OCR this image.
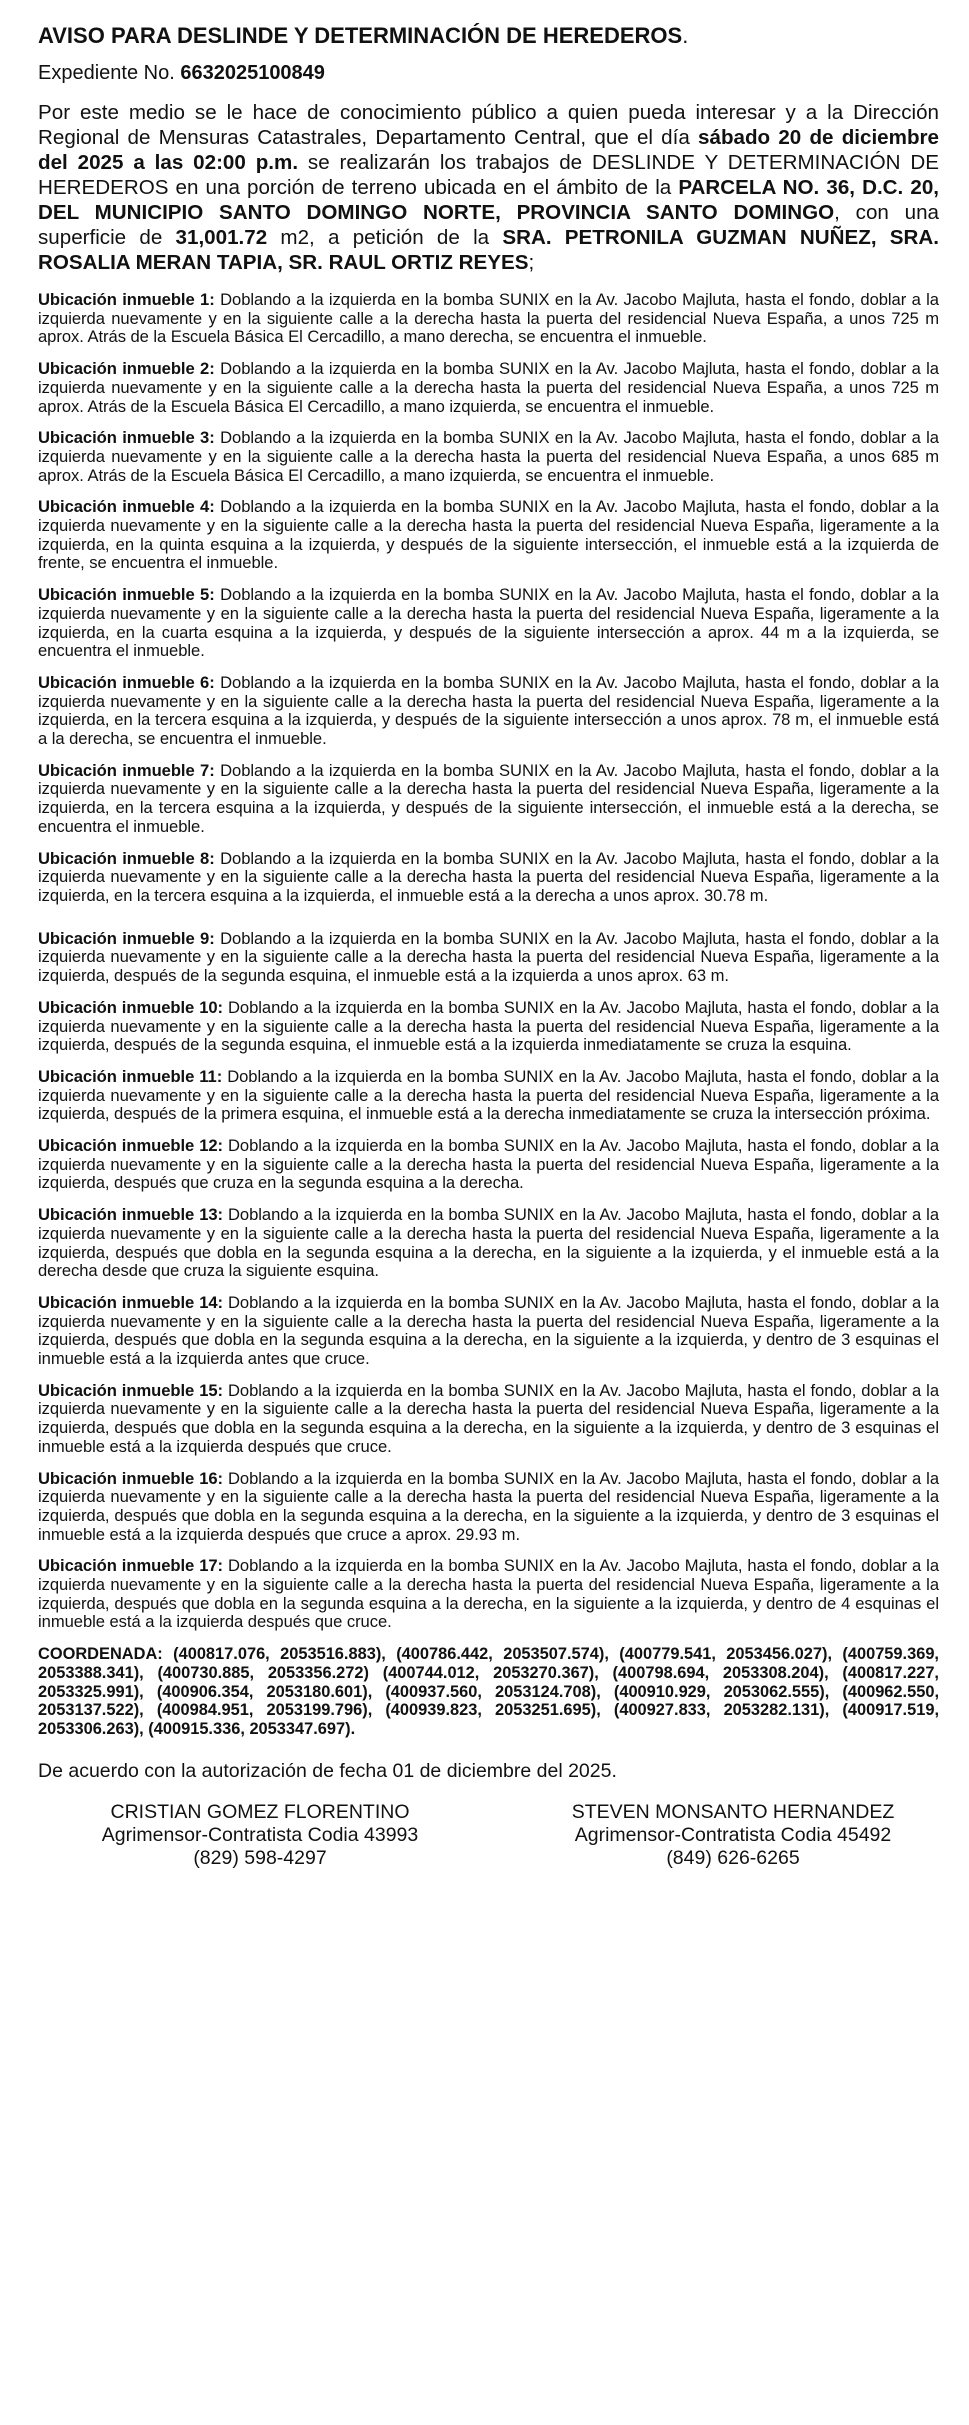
AVISO PARA DESLINDE Y DETERMINACIÓN DE HEREDEROS.
Expediente No. 6632025100849
Por este medio se le hace de conocimiento público a quien pueda interesar y a la Dirección Regional de Mensuras Catastrales, Departamento Central, que el día sábado 20 de diciembre del 2025 a las 02:00 p.m. se realizarán los trabajos de DESLINDE Y DETERMINACIÓN DE HEREDEROS en una porción de terreno ubicada en el ámbito de la PARCELA NO. 36, D.C. 20, DEL MUNICIPIO SANTO DOMINGO NORTE, PROVINCIA SANTO DOMINGO, con una superficie de 31,001.72 m2, a petición de la SRA. PETRONILA GUZMAN NUÑEZ, SRA. ROSALIA MERAN TAPIA, SR. RAUL ORTIZ REYES;

Ubicación inmueble 1: Doblando a la izquierda en la bomba SUNIX en la Av. Jacobo Majluta, hasta el fondo, doblar a la izquierda nuevamente y en la siguiente calle a la derecha hasta la puerta del residencial Nueva España, a unos 725 m aprox. Atrás de la Escuela Básica El Cercadillo, a mano derecha, se encuentra el inmueble.

Ubicación inmueble 2: Doblando a la izquierda en la bomba SUNIX en la Av. Jacobo Majluta, hasta el fondo, doblar a la izquierda nuevamente y en la siguiente calle a la derecha hasta la puerta del residencial Nueva España, a unos 725 m aprox. Atrás de la Escuela Básica El Cercadillo, a mano izquierda, se encuentra el inmueble.

Ubicación inmueble 3: Doblando a la izquierda en la bomba SUNIX en la Av. Jacobo Majluta, hasta el fondo, doblar a la izquierda nuevamente y en la siguiente calle a la derecha hasta la puerta del residencial Nueva España, a unos 685 m aprox. Atrás de la Escuela Básica El Cercadillo, a mano izquierda, se encuentra el inmueble.

Ubicación inmueble 4: Doblando a la izquierda en la bomba SUNIX en la Av. Jacobo Majluta, hasta el fondo, doblar a la izquierda nuevamente y en la siguiente calle a la derecha hasta la puerta del residencial Nueva España, ligeramente a la izquierda, en la quinta esquina a la izquierda, y después de la siguiente intersección, el inmueble está a la izquierda de frente, se encuentra el inmueble.

Ubicación inmueble 5: Doblando a la izquierda en la bomba SUNIX en la Av. Jacobo Majluta, hasta el fondo, doblar a la izquierda nuevamente y en la siguiente calle a la derecha hasta la puerta del residencial Nueva España, ligeramente a la izquierda, en la cuarta esquina a la izquierda, y después de la siguiente intersección a aprox. 44 m a la izquierda, se encuentra el inmueble.

Ubicación inmueble 6: Doblando a la izquierda en la bomba SUNIX en la Av. Jacobo Majluta, hasta el fondo, doblar a la izquierda nuevamente y en la siguiente calle a la derecha hasta la puerta del residencial Nueva España, ligeramente a la izquierda, en la tercera esquina a la izquierda, y después de la siguiente intersección a unos aprox. 78 m, el inmueble está a la derecha, se encuentra el inmueble.

Ubicación inmueble 7: Doblando a la izquierda en la bomba SUNIX en la Av. Jacobo Majluta, hasta el fondo, doblar a la izquierda nuevamente y en la siguiente calle a la derecha hasta la puerta del residencial Nueva España, ligeramente a la izquierda, en la tercera esquina a la izquierda, y después de la siguiente intersección, el inmueble está a la derecha, se encuentra el inmueble.

Ubicación inmueble 8: Doblando a la izquierda en la bomba SUNIX en la Av. Jacobo Majluta, hasta el fondo, doblar a la izquierda nuevamente y en la siguiente calle a la derecha hasta la puerta del residencial Nueva España, ligeramente a la izquierda, en la tercera esquina a la izquierda, el inmueble está a la derecha a unos aprox. 30.78 m.

Ubicación inmueble 9: Doblando a la izquierda en la bomba SUNIX en la Av. Jacobo Majluta, hasta el fondo, doblar a la izquierda nuevamente y en la siguiente calle a la derecha hasta la puerta del residencial Nueva España, ligeramente a la izquierda, después de la segunda esquina, el inmueble está a la izquierda a unos aprox. 63 m.

Ubicación inmueble 10: Doblando a la izquierda en la bomba SUNIX en la Av. Jacobo Majluta, hasta el fondo, doblar a la izquierda nuevamente y en la siguiente calle a la derecha hasta la puerta del residencial Nueva España, ligeramente a la izquierda, después de la segunda esquina, el inmueble está a la izquierda inmediatamente se cruza la esquina.

Ubicación inmueble 11: Doblando a la izquierda en la bomba SUNIX en la Av. Jacobo Majluta, hasta el fondo, doblar a la izquierda nuevamente y en la siguiente calle a la derecha hasta la puerta del residencial Nueva España, ligeramente a la izquierda, después de la primera esquina, el inmueble está a la derecha inmediatamente se cruza la intersección próxima.

Ubicación inmueble 12: Doblando a la izquierda en la bomba SUNIX en la Av. Jacobo Majluta, hasta el fondo, doblar a la izquierda nuevamente y en la siguiente calle a la derecha hasta la puerta del residencial Nueva España, ligeramente a la izquierda, después que cruza en la segunda esquina a la derecha.

Ubicación inmueble 13: Doblando a la izquierda en la bomba SUNIX en la Av. Jacobo Majluta, hasta el fondo, doblar a la izquierda nuevamente y en la siguiente calle a la derecha hasta la puerta del residencial Nueva España, ligeramente a la izquierda, después que dobla en la segunda esquina a la derecha, en la siguiente a la izquierda, y el inmueble está a la derecha desde que cruza la siguiente esquina.

Ubicación inmueble 14: Doblando a la izquierda en la bomba SUNIX en la Av. Jacobo Majluta, hasta el fondo, doblar a la izquierda nuevamente y en la siguiente calle a la derecha hasta la puerta del residencial Nueva España, ligeramente a la izquierda, después que dobla en la segunda esquina a la derecha, en la siguiente a la izquierda, y dentro de 3 esquinas el inmueble está a la izquierda antes que cruce.

Ubicación inmueble 15: Doblando a la izquierda en la bomba SUNIX en la Av. Jacobo Majluta, hasta el fondo, doblar a la izquierda nuevamente y en la siguiente calle a la derecha hasta la puerta del residencial Nueva España, ligeramente a la izquierda, después que dobla en la segunda esquina a la derecha, en la siguiente a la izquierda, y dentro de 3 esquinas el inmueble está a la izquierda después que cruce.

Ubicación inmueble 16: Doblando a la izquierda en la bomba SUNIX en la Av. Jacobo Majluta, hasta el fondo, doblar a la izquierda nuevamente y en la siguiente calle a la derecha hasta la puerta del residencial Nueva España, ligeramente a la izquierda, después que dobla en la segunda esquina a la derecha, en la siguiente a la izquierda, y dentro de 3 esquinas el inmueble está a la izquierda después que cruce a aprox. 29.93 m.

Ubicación inmueble 17: Doblando a la izquierda en la bomba SUNIX en la Av. Jacobo Majluta, hasta el fondo, doblar a la izquierda nuevamente y en la siguiente calle a la derecha hasta la puerta del residencial Nueva España, ligeramente a la izquierda, después que dobla en la segunda esquina a la derecha, en la siguiente a la izquierda, y dentro de 4 esquinas el inmueble está a la izquierda después que cruce.

COORDENADA: (400817.076, 2053516.883), (400786.442, 2053507.574), (400779.541, 2053456.027), (400759.369, 2053388.341), (400730.885, 2053356.272) (400744.012, 2053270.367), (400798.694, 2053308.204), (400817.227, 2053325.991), (400906.354, 2053180.601), (400937.560, 2053124.708), (400910.929, 2053062.555), (400962.550, 2053137.522), (400984.951, 2053199.796), (400939.823, 2053251.695), (400927.833, 2053282.131), (400917.519, 2053306.263), (400915.336, 2053347.697).

De acuerdo con la autorización de fecha 01 de diciembre del 2025.
CRISTIAN GOMEZ FLORENTINO
Agrimensor-Contratista Codia 43993
(829) 598-4297
STEVEN MONSANTO HERNANDEZ
Agrimensor-Contratista Codia 45492
(849) 626-6265
